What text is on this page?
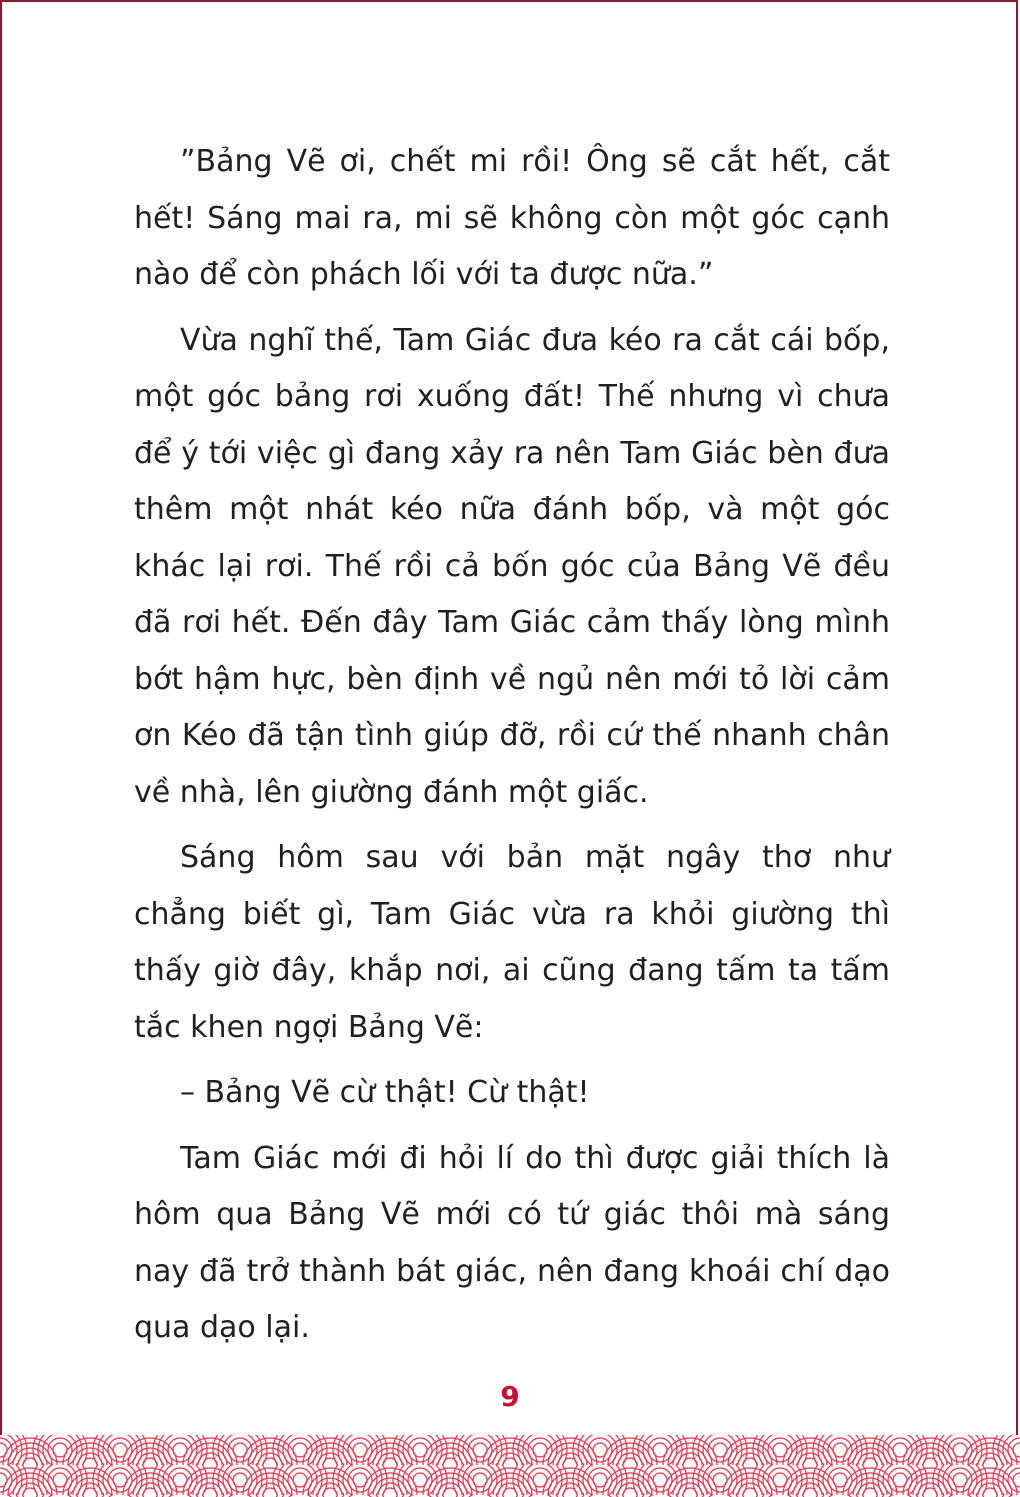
”Bảng Vẽ ơi, chết mi rồi! Ông sẽ cắt hết, cắt hết! Sáng mai ra, mi sẽ không còn một góc cạnh nào để còn phách lối với ta được nữa.”

Vừa nghĩ thế, Tam Giác đưa kéo ra cắt cái bốp, một góc bảng rơi xuống đất! Thế nhưng vì chưa để ý tới việc gì đang xảy ra nên Tam Giác bèn đưa thêm một nhát kéo nữa đánh bốp, và một góc khác lại rơi. Thế rồi cả bốn góc của Bảng Vẽ đều đã rơi hết. Đến đây Tam Giác cảm thấy lòng mình bớt hậm hực, bèn định về ngủ nên mới tỏ lời cảm ơn Kéo đã tận tình giúp đỡ, rồi cứ thế nhanh chân về nhà, lên giường đánh một giấc.

Sáng hôm sau với bản mặt ngây thơ như chẳng biết gì, Tam Giác vừa ra khỏi giường thì thấy giờ đây, khắp nơi, ai cũng đang tấm ta tấm tắc khen ngợi Bảng Vẽ:

– Bảng Vẽ cừ thật! Cừ thật!

Tam Giác mới đi hỏi lí do thì được giải thích là hôm qua Bảng Vẽ mới có tứ giác thôi mà sáng nay đã trở thành bát giác, nên đang khoái chí dạo qua dạo lại.

9
